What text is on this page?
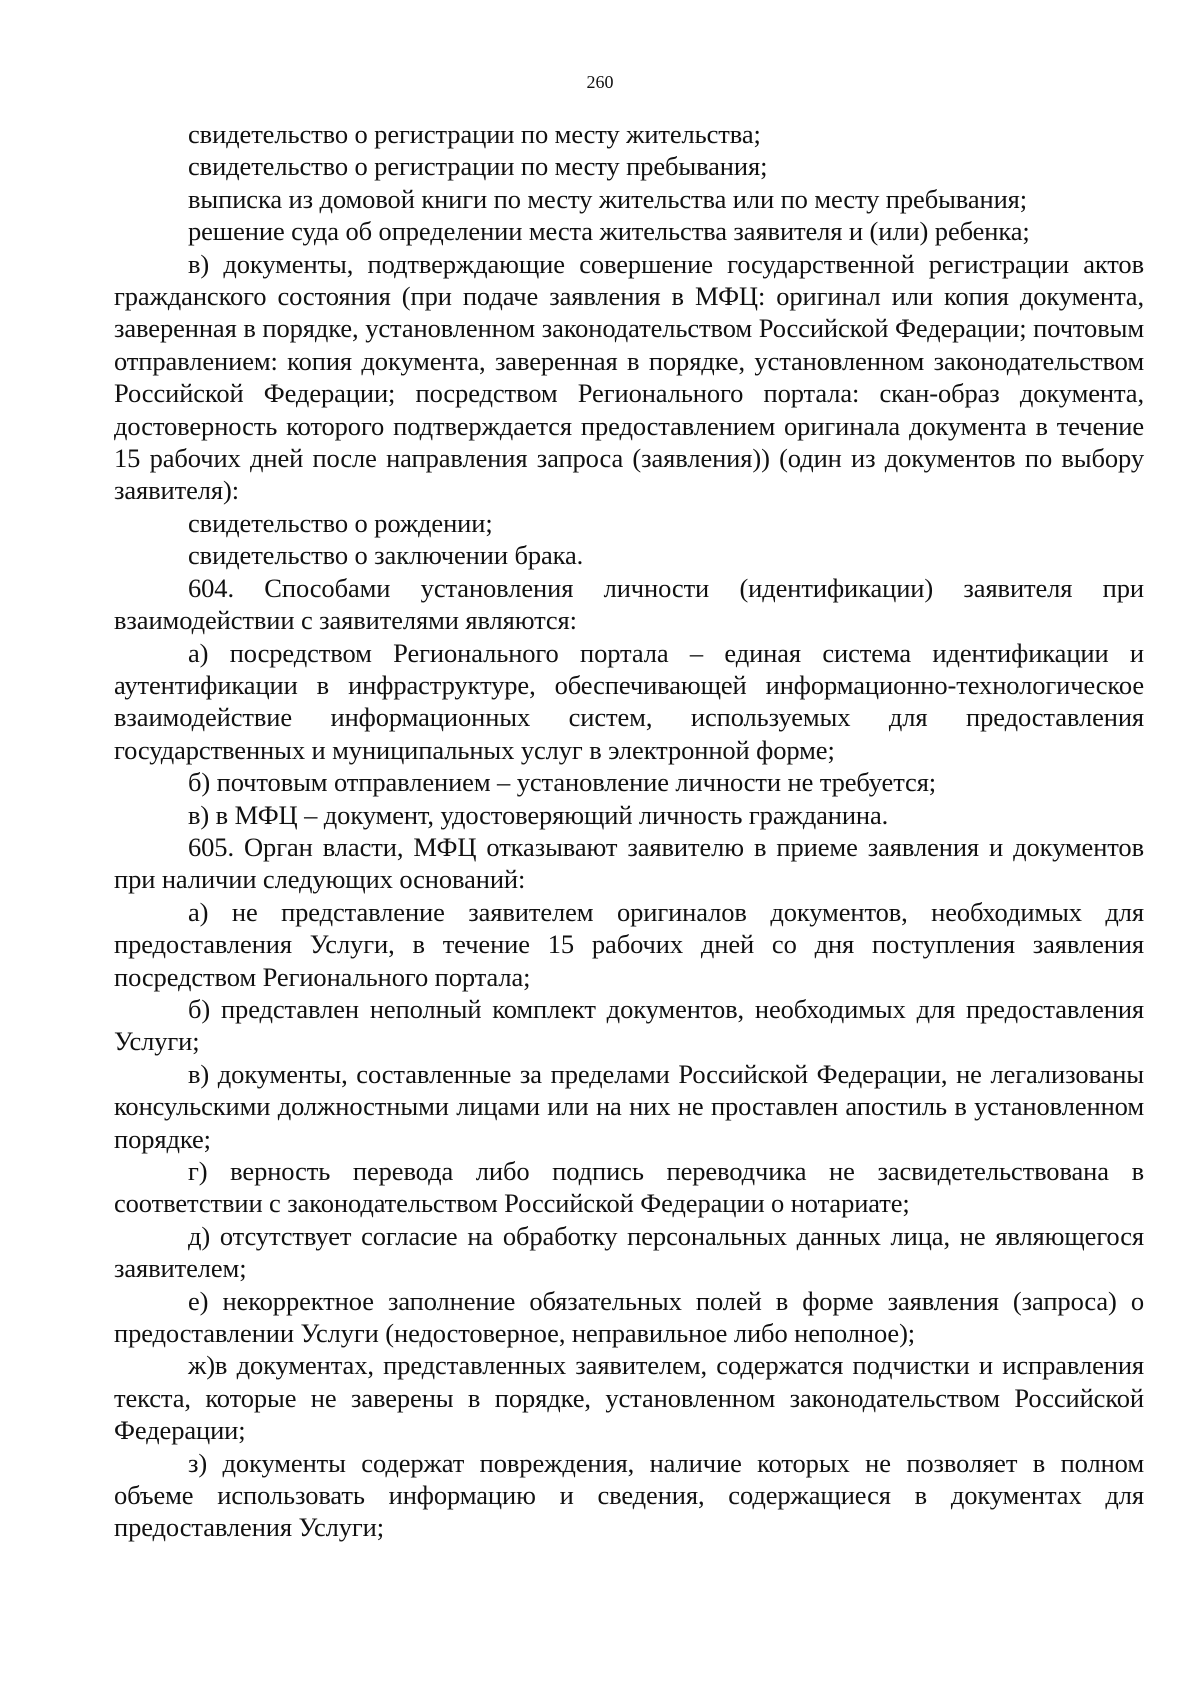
260

свидетельство о регистрации по месту жительства;

свидетельство о регистрации по месту пребывания;

выписка из домовой книги по месту жительства или по месту пребывания;

решение суда об определении места жительства заявителя и (или) ребенка;

в) документы, подтверждающие совершение государственной регистрации актов гражданского состояния (при подаче заявления в МФЦ: оригинал или копия документа, заверенная в порядке, установленном законодательством Российской Федерации; почтовым отправлением: копия документа, заверенная в порядке, установленном законодательством Российской Федерации; посредством Регионального портала: скан-образ документа, достоверность которого подтверждается предоставлением оригинала документа в течение 15 рабочих дней после направления запроса (заявления)) (один из документов по выбору заявителя):

свидетельство о рождении;

свидетельство о заключении брака.

604. Способами установления личности (идентификации) заявителя при взаимодействии с заявителями являются:

а) посредством Регионального портала – единая система идентификации и аутентификации в инфраструктуре, обеспечивающей информационно-технологическое взаимодействие информационных систем, используемых для предоставления государственных и муниципальных услуг в электронной форме;

б) почтовым отправлением – установление личности не требуется;

в) в МФЦ – документ, удостоверяющий личность гражданина.

605. Орган власти, МФЦ отказывают заявителю в приеме заявления и документов при наличии следующих оснований:

а) не представление заявителем оригиналов документов, необходимых для предоставления Услуги, в течение 15 рабочих дней со дня поступления заявления посредством Регионального портала;

б) представлен неполный комплект документов, необходимых для предоставления Услуги;

в) документы, составленные за пределами Российской Федерации, не легализованы консульскими должностными лицами или на них не проставлен апостиль в установленном порядке;

г) верность перевода либо подпись переводчика не засвидетельствована в соответствии с законодательством Российской Федерации о нотариате;

д) отсутствует согласие на обработку персональных данных лица, не являющегося заявителем;

е) некорректное заполнение обязательных полей в форме заявления (запроса) о предоставлении Услуги (недостоверное, неправильное либо неполное);

ж)в документах, представленных заявителем, содержатся подчистки и исправления текста, которые не заверены в порядке, установленном законодательством Российской Федерации;

з) документы содержат повреждения, наличие которых не позволяет в полном объеме использовать информацию и сведения, содержащиеся в документах для предоставления Услуги;
